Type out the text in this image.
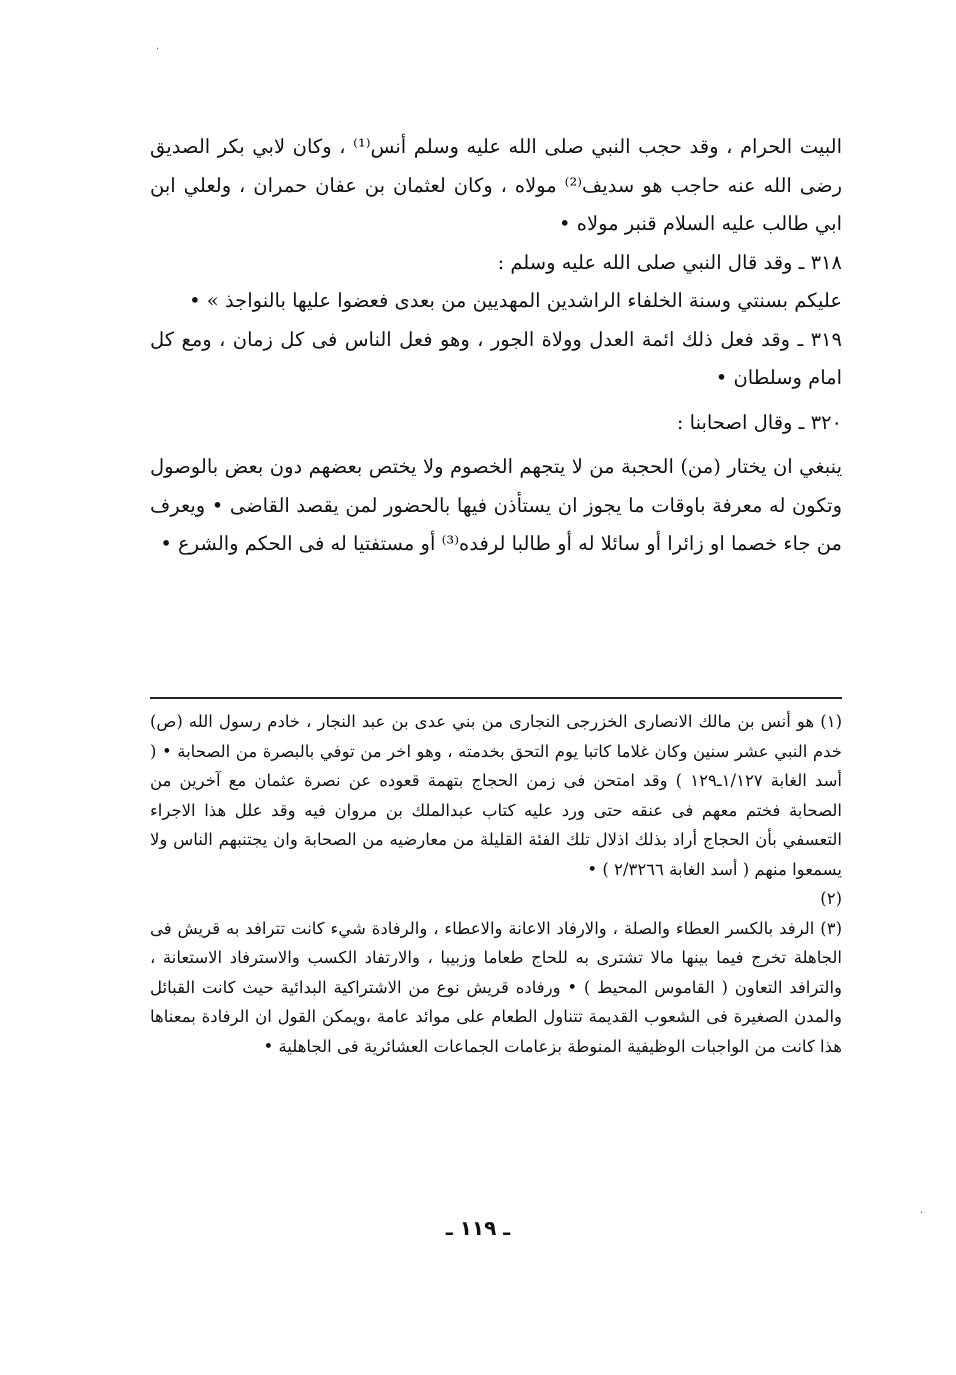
·

البيت الحرام ، وقد حجب النبي صلى الله عليه وسلم أنس⁽¹⁾ ، وكان لابي بكر الصديق رضى الله عنه حاجب هو سديف⁽²⁾ مولاه ، وكان لعثمان بن عفان حمران ، ولعلي ابن ابي طالب عليه السلام قنبر مولاه •

٣١٨ ـ وقد قال النبي صلى الله عليه وسلم :

عليكم بسنتي وسنة الخلفاء الراشدين المهديين من بعدى فعضوا عليها بالنواجذ » •

٣١٩ ـ وقد فعل ذلك ائمة العدل وولاة الجور ، وهو فعل الناس فى كل زمان ، ومع كل امام وسلطان •

٣٢٠ ـ وقال اصحابنا :

ينبغي ان يختار (من) الحجبة من لا يتجهم الخصوم ولا يختص بعضهم دون بعض بالوصول وتكون له معرفة باوقات ما يجوز ان يستأذن فيها بالحضور لمن يقصد القاضى • ويعرف من جاء خصما او زائرا أو سائلا له أو طالبا لرفده⁽³⁾ أو مستفتيا له فى الحكم والشرع •

(١) هو أنس بن مالك الانصارى الخزرجى النجارى من بني عدى بن عبد النجار ، خادم رسول الله (ص) خدم النبي عشر سنين وكان غلاما كاتبا يوم التحق بخدمته ، وهو اخر من توفي بالبصرة من الصحابة • ( أسد الغابة ١/١٢٧ـ١٢٩ ) وقد امتحن فى زمن الحجاج بتهمة قعوده عن نصرة عثمان مع آخرين من الصحابة فختم معهم فى عنقه حتى ورد عليه كتاب عبدالملك بن مروان فيه وقد علل هذا الاجراء التعسفي بأن الحجاج أراد بذلك اذلال تلك الفئة القليلة من معارضيه من الصحابة وان يجتنبهم الناس ولا يسمعوا منهم ( أسد الغابة ٢/٣٢٦٦ ) •

(٢)

(٣) الرفد بالكسر العطاء والصلة ، والارفاد الاعانة والاعطاء ، والرفادة شيء كانت تترافد به قريش فى الجاهلة تخرج فيما بينها مالا تشترى به للحاج طعاما وزبيبا ، والارتفاد الكسب والاسترفاد الاستعانة ، والترافد التعاون ( القاموس المحيط ) • ورفاده قريش نوع من الاشتراكية البدائية حيث كانت القبائل والمدن الصغيرة فى الشعوب القديمة تتناول الطعام على موائد عامة ،ويمكن القول ان الرفادة بمعناها هذا كانت من الواجبات الوظيفية المنوطة بزعامات الجماعات العشائرية فى الجاهلية •

ـ ١١٩ ـ
·
